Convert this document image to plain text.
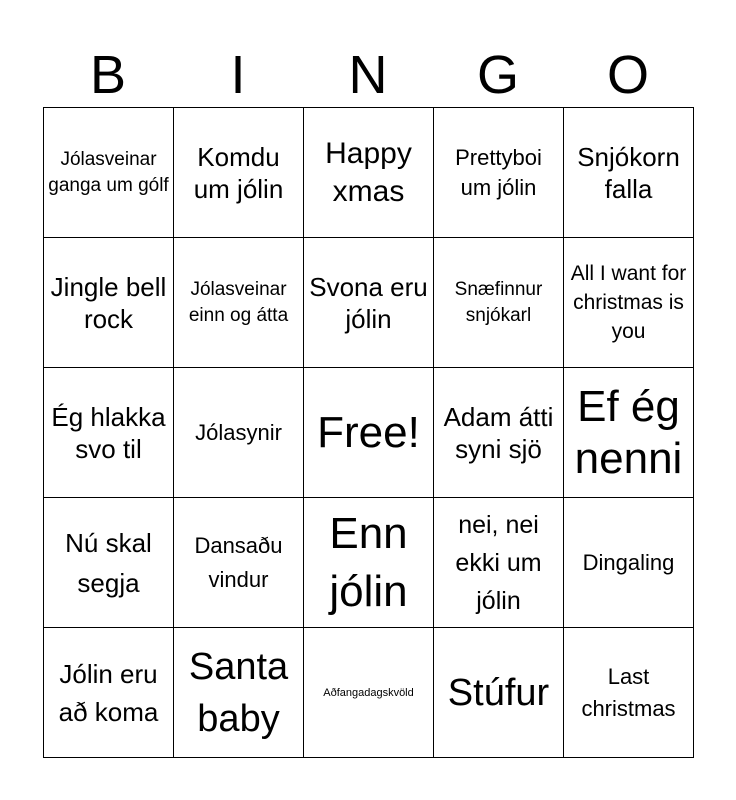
B	I	N	G	O
Jólasveinar ganga um gólf	Komdu um jólin	Happy xmas	Prettyboi um jólin	Snjókorn falla

Jingle bell rock	Jólasveinar einn og átta	Svona eru jólin	Snæfinnur snjókarl	All I want for christmas is you

Ég hlakka svo til	Jólasynir	Free!	Adam átti syni sjö	Ef ég nenni

Nú skal segja	Dansaðu vindur	Enn jólin	nei, nei ekki um jólin	Dingaling

Jólin eru að koma	Santa baby	Aðfangadagskvöld	Stúfur	Last christmas
